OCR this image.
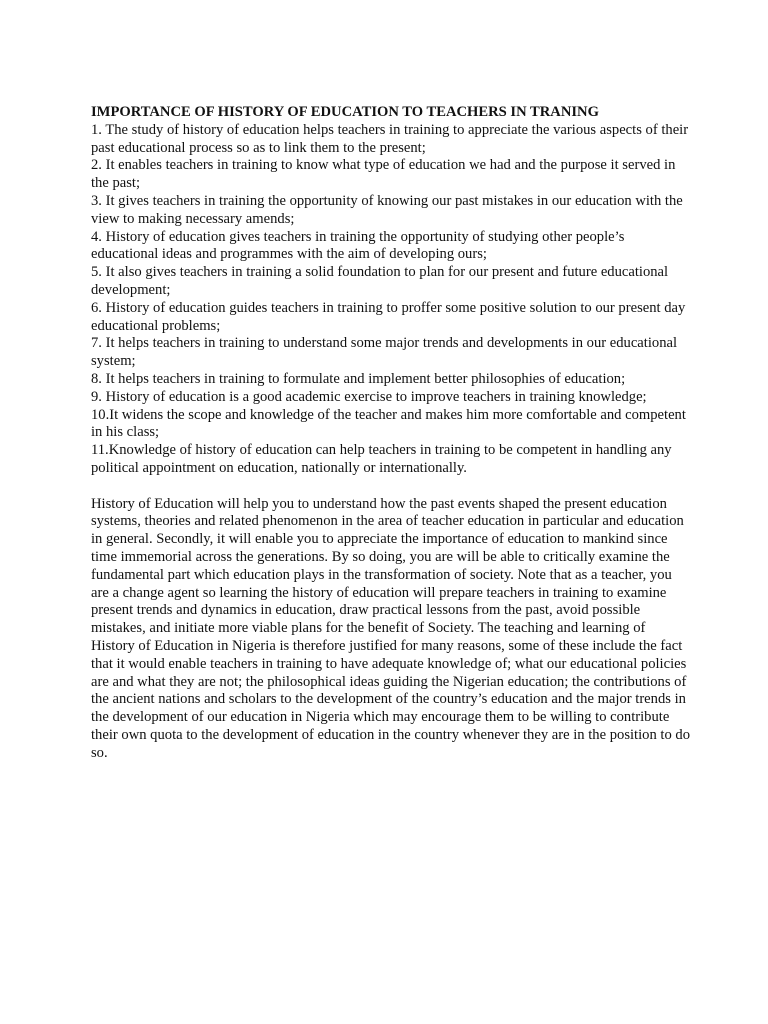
IMPORTANCE OF HISTORY OF EDUCATION TO TEACHERS IN TRANING

1. The study of history of education helps teachers in training to appreciate the various aspects of their past educational process so as to link them to the present;

2. It enables teachers in training to know what type of education we had and the purpose it served in the past;

3. It gives teachers in training the opportunity of knowing our past mistakes in our education with the view to making necessary amends;

4. History of education gives teachers in training the opportunity of studying other people’s educational ideas and programmes with the aim of developing ours;

5. It also gives teachers in training a solid foundation to plan for our present and future educational development;

6. History of education guides teachers in training to proffer some positive solution to our present day educational problems;

7. It helps teachers in training to understand some major trends and developments in our educational system;

8. It helps teachers in training to formulate and implement better philosophies of education;

9. History of education is a good academic exercise to improve teachers in training knowledge;

10.It widens the scope and knowledge of the teacher and makes him more comfortable and competent in his class;

11.Knowledge of history of education can help teachers in training to be competent in handling any political appointment on education, nationally or internationally.

History of Education will help you to understand how the past events shaped the present education systems, theories and related phenomenon in the area of teacher education in particular and education in general. Secondly, it will enable you to appreciate the importance of education to mankind since time immemorial across the generations. By so doing, you are will be able to critically examine the fundamental part which education plays in the transformation of society. Note that as a teacher, you are a change agent so learning the history of education will prepare teachers in training to examine present trends and dynamics in education, draw practical lessons from the past, avoid possible mistakes, and initiate more viable plans for the benefit of Society. The teaching and learning of History of Education in Nigeria is therefore justified for many reasons, some of these include the fact that it would enable teachers in training to have adequate knowledge of; what our educational policies are and what they are not; the philosophical ideas guiding the Nigerian education; the contributions of the ancient nations and scholars to the development of the country’s education and the major trends in the development of our education in Nigeria which may encourage them to be willing to contribute their own quota to the development of education in the country whenever they are in the position to do so.
